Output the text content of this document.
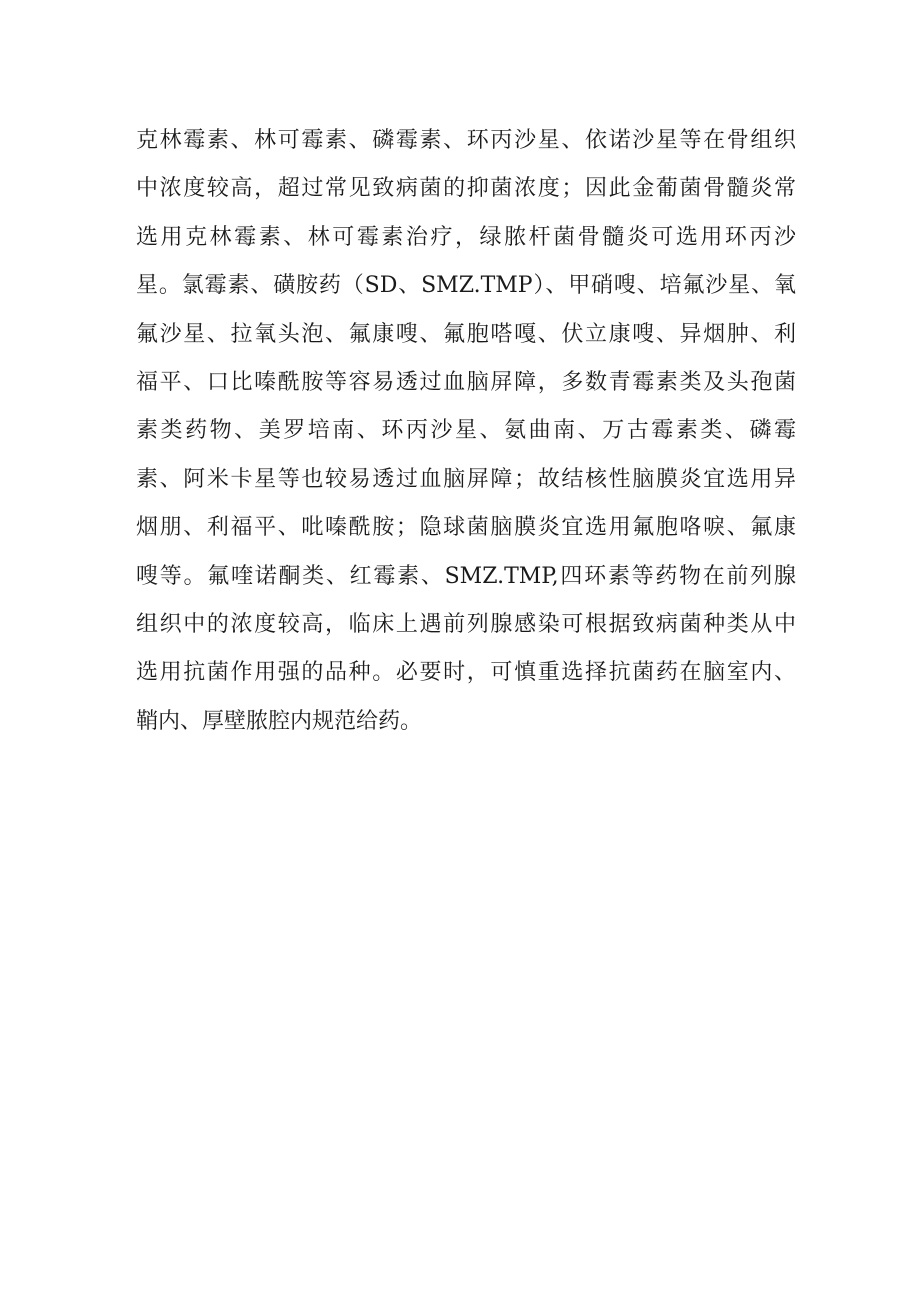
克林霉素、林可霉素、磷霉素、环丙沙星、依诺沙星等在骨组织
中浓度较高，超过常见致病菌的抑菌浓度；因此金葡菌骨髓炎常
选用克林霉素、林可霉素治疗，绿脓杆菌骨髓炎可选用环丙沙
星。氯霉素、磺胺药（SD、SMZ.TMP）、甲硝嗖、培氟沙星、氧
氟沙星、拉氧头泡、氟康嗖、氟胞嗒嘎、伏立康嗖、异烟肿、利
福平、口比嗪酰胺等容易透过血脑屏障，多数青霉素类及头孢菌
素类药物、美罗培南、环丙沙星、氨曲南、万古霉素类、磷霉
素、阿米卡星等也较易透过血脑屏障；故结核性脑膜炎宜选用异
烟朋、利福平、吡嗪酰胺；隐球菌脑膜炎宜选用氟胞咯唳、氟康
嗖等。氟喹诺酮类、红霉素、SMZ.TMP,四环素等药物在前列腺
组织中的浓度较高，临床上遇前列腺感染可根据致病菌种类从中
选用抗菌作用强的品种。必要时，可慎重选择抗菌药在脑室内、
鞘内、厚壁脓腔内规范给药。
